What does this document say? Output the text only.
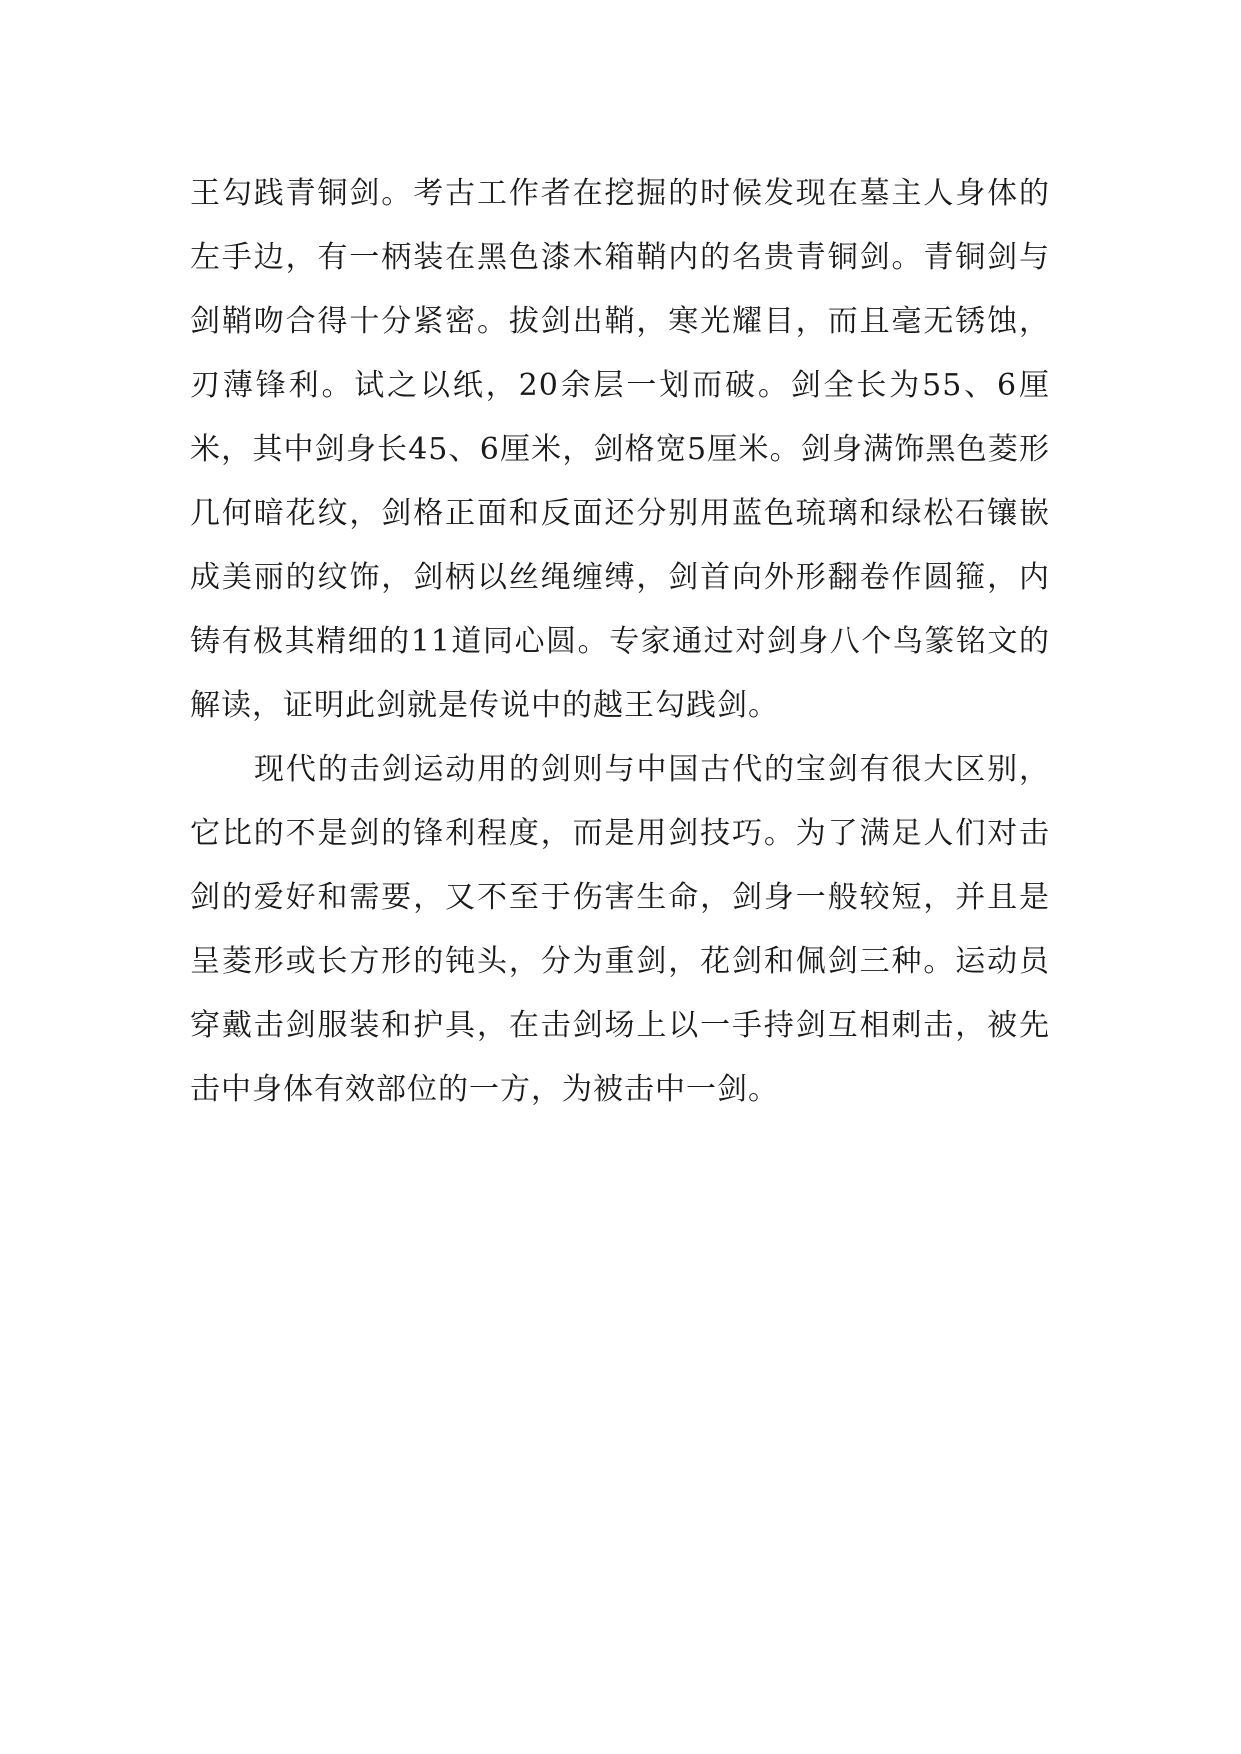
王勾践青铜剑。考古工作者在挖掘的时候发现在墓主人身体的左手边，有一柄装在黑色漆木箱鞘内的名贵青铜剑。青铜剑与剑鞘吻合得十分紧密。拔剑出鞘，寒光耀目，而且毫无锈蚀，刃薄锋利。试之以纸，20余层一划而破。剑全长为55、6厘米，其中剑身长45、6厘米，剑格宽5厘米。剑身满饰黑色菱形几何暗花纹，剑格正面和反面还分别用蓝色琉璃和绿松石镶嵌成美丽的纹饰，剑柄以丝绳缠缚，剑首向外形翻卷作圆箍，内铸有极其精细的11道同心圆。专家通过对剑身八个鸟篆铭文的解读，证明此剑就是传说中的越王勾践剑。

现代的击剑运动用的剑则与中国古代的宝剑有很大区别，它比的不是剑的锋利程度，而是用剑技巧。为了满足人们对击剑的爱好和需要，又不至于伤害生命，剑身一般较短，并且是呈菱形或长方形的钝头，分为重剑，花剑和佩剑三种。运动员穿戴击剑服装和护具，在击剑场上以一手持剑互相刺击，被先击中身体有效部位的一方，为被击中一剑。
